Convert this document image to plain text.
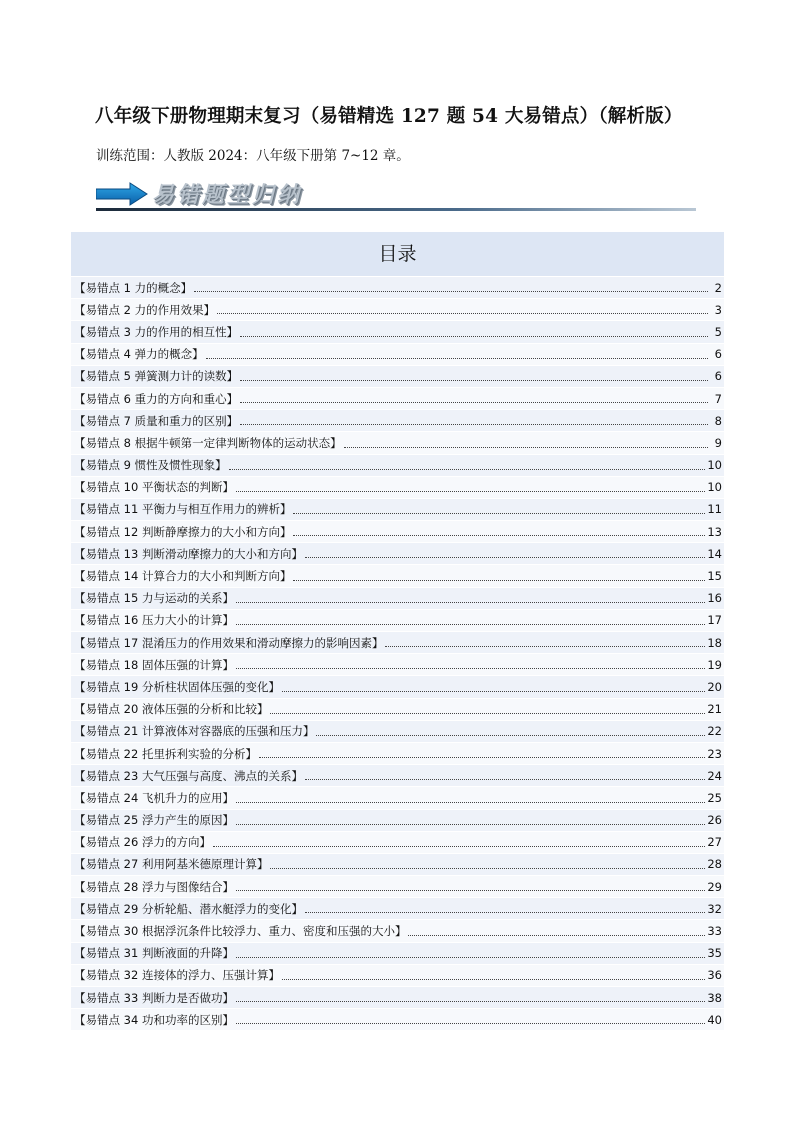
八年级下册物理期末复习（易错精选 127 题 54 大易错点）（解析版）
训练范围：人教版 2024：八年级下册第 7~12 章。
易错题型归纳
目录
【易错点 1 力的概念】	2
【易错点 2 力的作用效果】	3
【易错点 3 力的作用的相互性】	5
【易错点 4 弹力的概念】	6
【易错点 5 弹簧测力计的读数】	6
【易错点 6 重力的方向和重心】	7
【易错点 7 质量和重力的区别】	8
【易错点 8 根据牛顿第一定律判断物体的运动状态】	9
【易错点 9 惯性及惯性现象】	10
【易错点 10 平衡状态的判断】	10
【易错点 11 平衡力与相互作用力的辨析】	11
【易错点 12 判断静摩擦力的大小和方向】	13
【易错点 13 判断滑动摩擦力的大小和方向】	14
【易错点 14 计算合力的大小和判断方向】	15
【易错点 15 力与运动的关系】	16
【易错点 16 压力大小的计算】	17
【易错点 17 混淆压力的作用效果和滑动摩擦力的影响因素】	18
【易错点 18 固体压强的计算】	19
【易错点 19 分析柱状固体压强的变化】	20
【易错点 20 液体压强的分析和比较】	21
【易错点 21 计算液体对容器底的压强和压力】	22
【易错点 22 托里拆利实验的分析】	23
【易错点 23 大气压强与高度、沸点的关系】	24
【易错点 24 飞机升力的应用】	25
【易错点 25 浮力产生的原因】	26
【易错点 26 浮力的方向】	27
【易错点 27 利用阿基米德原理计算】	28
【易错点 28 浮力与图像结合】	29
【易错点 29 分析轮船、潜水艇浮力的变化】	32
【易错点 30 根据浮沉条件比较浮力、重力、密度和压强的大小】	33
【易错点 31 判断液面的升降】	35
【易错点 32 连接体的浮力、压强计算】	36
【易错点 33 判断力是否做功】	38
【易错点 34 功和功率的区别】	40
